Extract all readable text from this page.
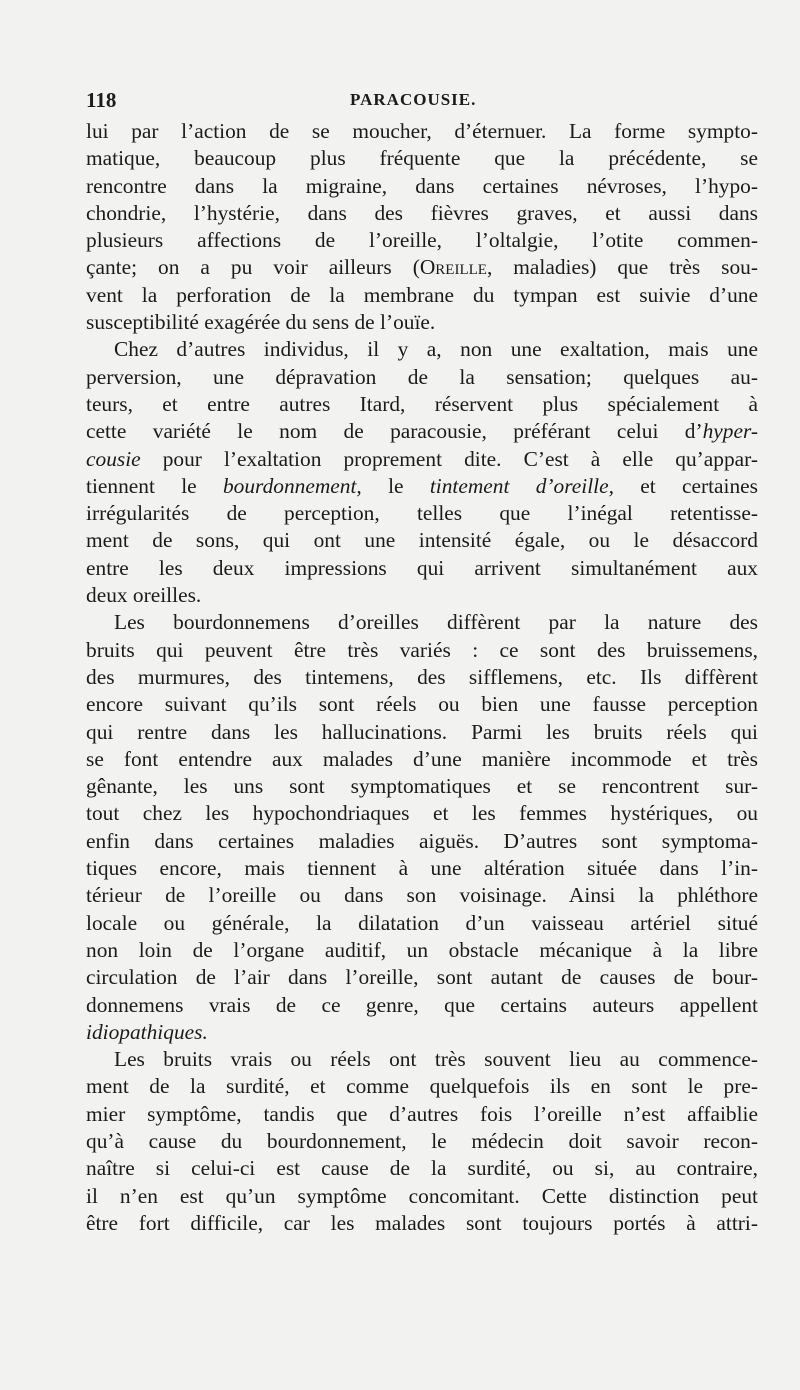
118	PARACOUSIE.
lui par l’action de se moucher, d’éternuer. La forme sympto-
matique, beaucoup plus fréquente que la précédente, se
rencontre dans la migraine, dans certaines névroses, l’hypo-
chondrie, l’hystérie, dans des fièvres graves, et aussi dans
plusieurs affections de l’oreille, l’oltalgie, l’otite commen-
çante; on a pu voir ailleurs (Oreille, maladies) que très sou-
vent la perforation de la membrane du tympan est suivie d’une
susceptibilité exagérée du sens de l’ouïe.
Chez d’autres individus, il y a, non une exaltation, mais une
perversion, une dépravation de la sensation; quelques au-
teurs, et entre autres Itard, réservent plus spécialement à
cette variété le nom de paracousie, préférant celui d’hyper-
cousie pour l’exaltation proprement dite. C’est à elle qu’appar-
tiennent le bourdonnement, le tintement d’oreille, et certaines
irrégularités de perception, telles que l’inégal retentisse-
ment de sons, qui ont une intensité égale, ou le désaccord
entre les deux impressions qui arrivent simultanément aux
deux oreilles.
Les bourdonnemens d’oreilles diffèrent par la nature des
bruits qui peuvent être très variés : ce sont des bruissemens,
des murmures, des tintemens, des sifflemens, etc. Ils diffèrent
encore suivant qu’ils sont réels ou bien une fausse perception
qui rentre dans les hallucinations. Parmi les bruits réels qui
se font entendre aux malades d’une manière incommode et très
gênante, les uns sont symptomatiques et se rencontrent sur-
tout chez les hypochondriaques et les femmes hystériques, ou
enfin dans certaines maladies aiguës. D’autres sont symptoma-
tiques encore, mais tiennent à une altération située dans l’in-
térieur de l’oreille ou dans son voisinage. Ainsi la phléthore
locale ou générale, la dilatation d’un vaisseau artériel situé
non loin de l’organe auditif, un obstacle mécanique à la libre
circulation de l’air dans l’oreille, sont autant de causes de bour-
donnemens vrais de ce genre, que certains auteurs appellent
idiopathiques.
Les bruits vrais ou réels ont très souvent lieu au commence-
ment de la surdité, et comme quelquefois ils en sont le pre-
mier symptôme, tandis que d’autres fois l’oreille n’est affaiblie
qu’à cause du bourdonnement, le médecin doit savoir recon-
naître si celui-ci est cause de la surdité, ou si, au contraire,
il n’en est qu’un symptôme concomitant. Cette distinction peut
être fort difficile, car les malades sont toujours portés à attri-
